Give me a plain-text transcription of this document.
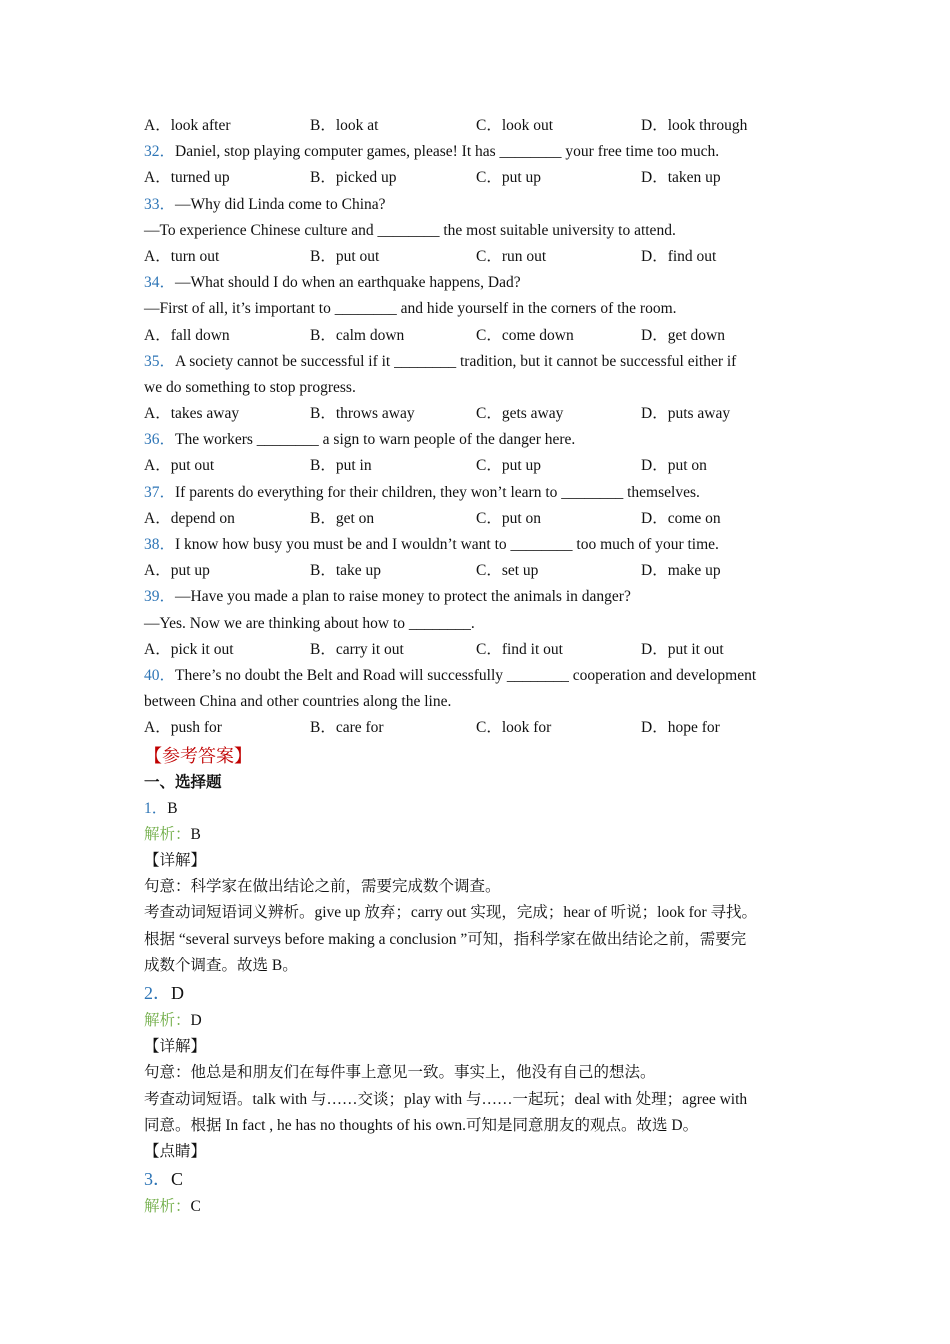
A．look after	B．look at	C．look out	D．look through
32．Daniel, stop playing computer games, please! It has ________ your free time too much.
A．turned up	B．picked up	C．put up	D．taken up
33．—Why did Linda come to China?
—To experience Chinese culture and ________ the most suitable university to attend.
A．turn out	B．put out	C．run out	D．find out
34．—What should I do when an earthquake happens, Dad?
—First of all, it’s important to ________ and hide yourself in the corners of the room.
A．fall down	B．calm down	C．come down	D．get down
35．A society cannot be successful if it ________ tradition, but it cannot be successful either if
we do something to stop progress.
A．takes away	B．throws away	C．gets away	D．puts away
36．The workers ________ a sign to warn people of the danger here.
A．put out	B．put in	C．put up	D．put on
37．If parents do everything for their children, they won’t learn to ________ themselves.
A．depend on	B．get on	C．put on	D．come on
38．I know how busy you must be and I wouldn’t want to ________ too much of your time.
A．put up	B．take up	C．set up	D．make up
39．—Have you made a plan to raise money to protect the animals in danger?
—Yes. Now we are thinking about how to ________.
A．pick it out	B．carry it out	C．find it out	D．put it out
40．There’s no doubt the Belt and Road will successfully ________ cooperation and development
between China and other countries along the line.
A．push for	B．care for	C．look for	D．hope for
【参考答案】
一、选择题
1．B
解析：B
【详解】
句意：科学家在做出结论之前，需要完成数个调查。
考查动词短语词义辨析。give up 放弃；carry out 实现，完成；hear of 听说；look for 寻找。
根据 “several surveys before making a conclusion ”可知，指科学家在做出结论之前，需要完
成数个调查。故选 B。
2．D
解析：D
【详解】
句意：他总是和朋友们在每件事上意见一致。事实上，他没有自己的想法。
考查动词短语。talk with 与……交谈；play with 与……一起玩；deal with 处理；agree with
同意。根据 In fact , he has no thoughts of his own.可知是同意朋友的观点。故选 D。
【点睛】
3．C
解析：C
